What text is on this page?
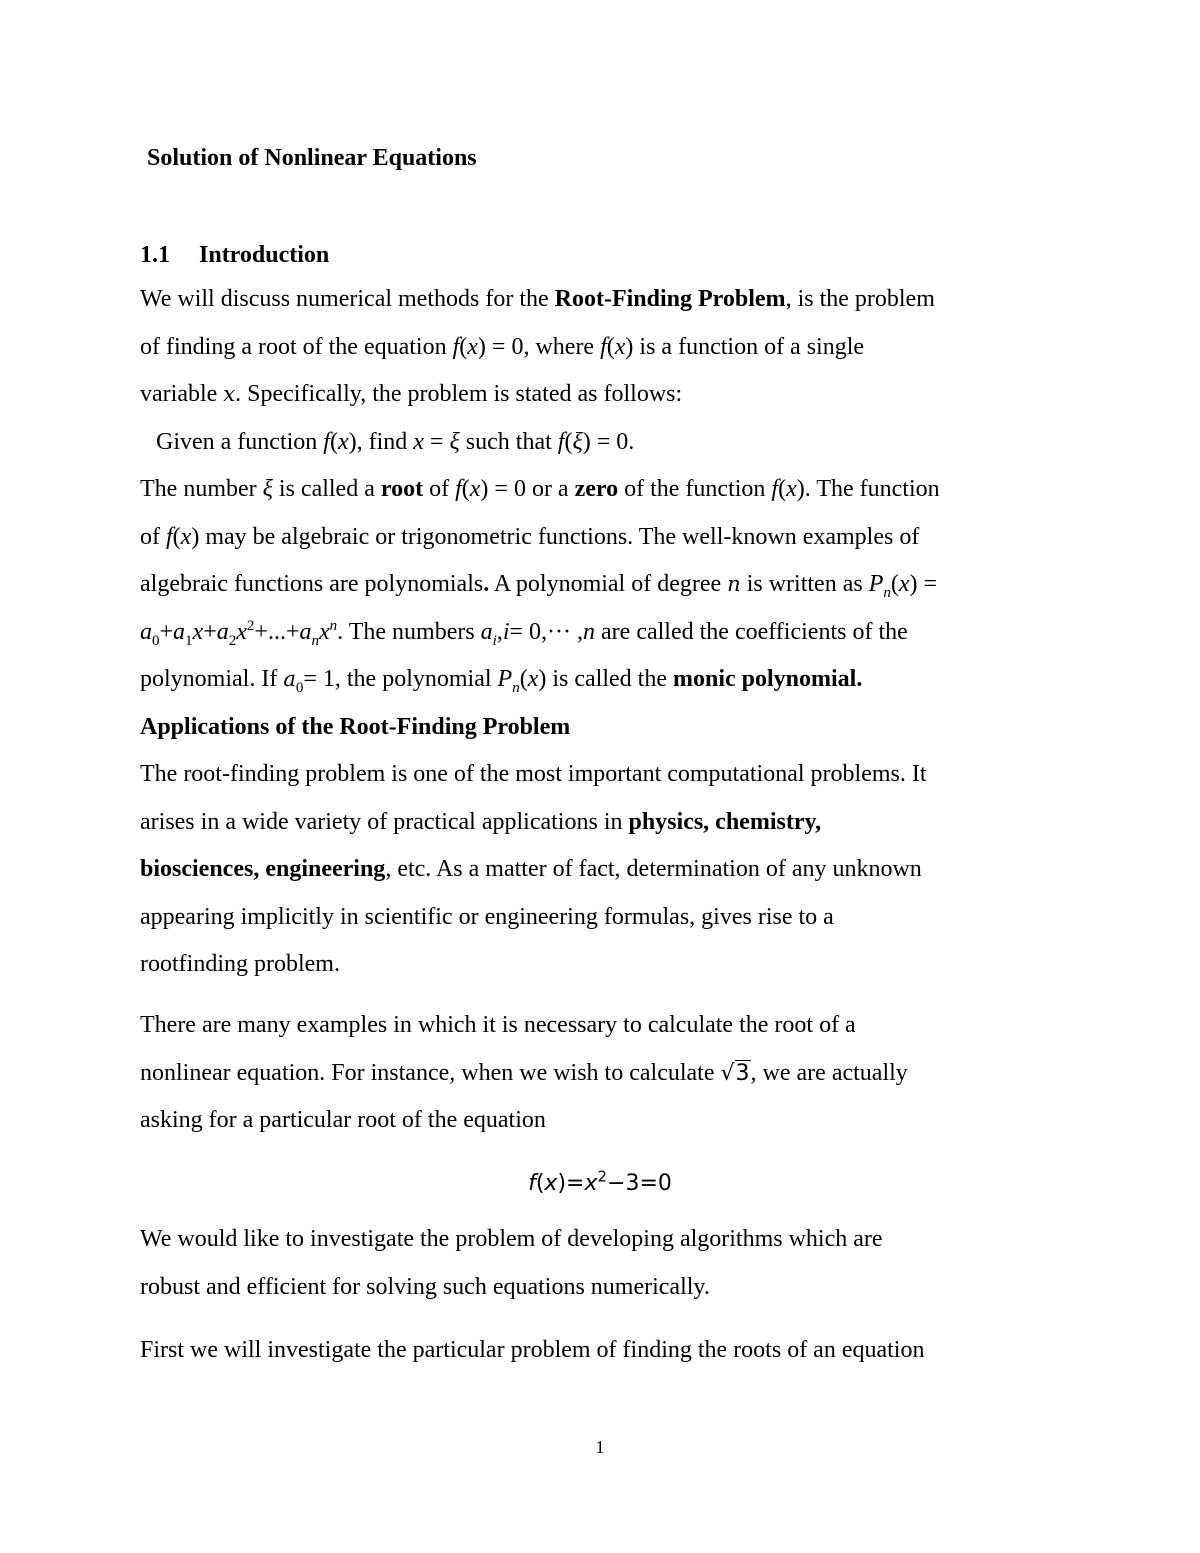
Solution of Nonlinear Equations
1.1 Introduction
We will discuss numerical methods for the Root-Finding Problem, is the problem
of finding a root of the equation f(x) = 0, where f(x) is a function of a single
variable x. Specifically, the problem is stated as follows:
Given a function f(x), find x = ξ such that f(ξ) = 0.
The number ξ is called a root of f(x) = 0 or a zero of the function f(x). The function
of f(x) may be algebraic or trigonometric functions. The well-known examples of
algebraic functions are polynomials. A polynomial of degree n is written as $P_n(x)$ =
$a_0+a_1x+a_2x^2+...+a_nx^n$. The numbers $a_i,i= 0,\cdot\cdot\cdot ,n$ are called the coefficients of the
polynomial. If $a_0= 1$, the polynomial $P_n(x)$ is called the monic polynomial.
Applications of the Root-Finding Problem
The root-finding problem is one of the most important computational problems. It
arises in a wide variety of practical applications in physics, chemistry,
biosciences, engineering, etc. As a matter of fact, determination of any unknown
appearing implicitly in scientific or engineering formulas, gives rise to a
rootfinding problem.
There are many examples in which it is necessary to calculate the root of a
nonlinear equation. For instance, when we wish to calculate √3, we are actually
asking for a particular root of the equation
$f(x)=x^2-3=0$
We would like to investigate the problem of developing algorithms which are
robust and efficient for solving such equations numerically.
First we will investigate the particular problem of finding the roots of an equation
1
